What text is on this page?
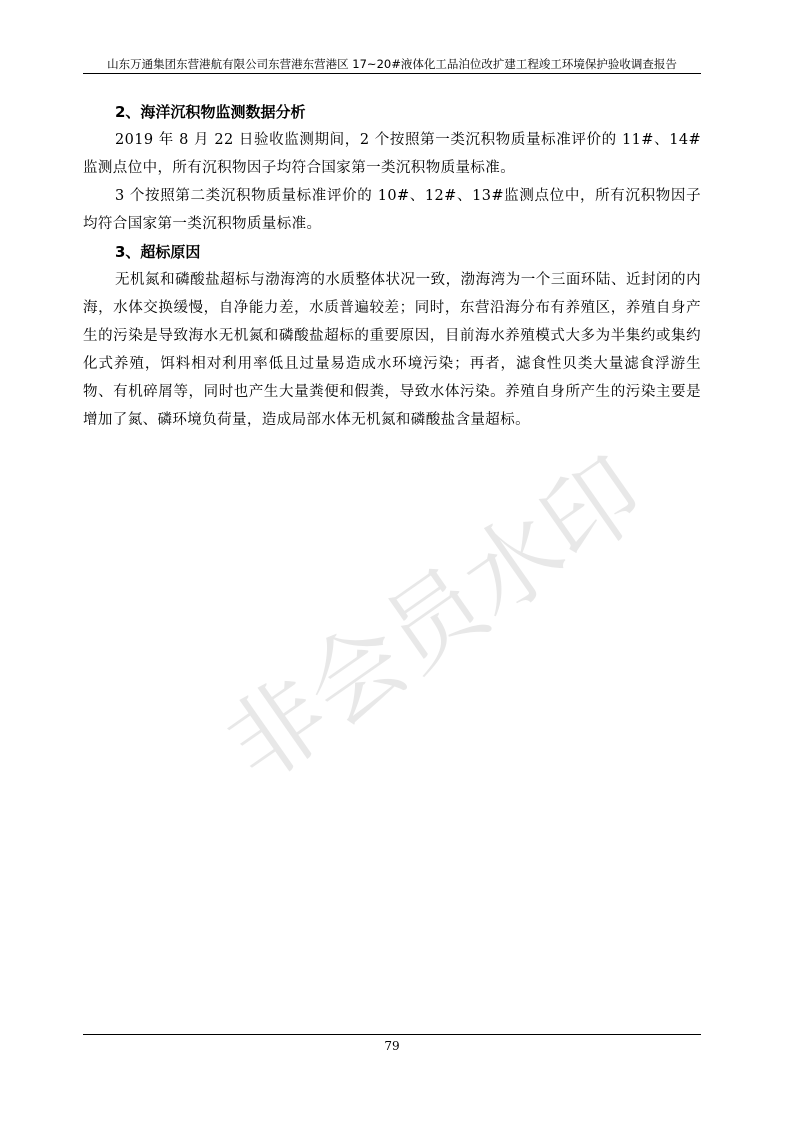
山东万通集团东营港航有限公司东营港东营港区 17~20#液体化工品泊位改扩建工程竣工环境保护验收调查报告

2、海洋沉积物监测数据分析

2019 年 8 月 22 日验收监测期间，2 个按照第一类沉积物质量标准评价的 11#、14#监测点位中，所有沉积物因子均符合国家第一类沉积物质量标准。

3 个按照第二类沉积物质量标准评价的 10#、12#、13#监测点位中，所有沉积物因子均符合国家第一类沉积物质量标准。

3、超标原因

无机氮和磷酸盐超标与渤海湾的水质整体状况一致，渤海湾为一个三面环陆、近封闭的内海，水体交换缓慢，自净能力差，水质普遍较差；同时，东营沿海分布有养殖区，养殖自身产生的污染是导致海水无机氮和磷酸盐超标的重要原因，目前海水养殖模式大多为半集约或集约化式养殖，饵料相对利用率低且过量易造成水环境污染；再者，滤食性贝类大量滤食浮游生物、有机碎屑等，同时也产生大量粪便和假粪，导致水体污染。养殖自身所产生的污染主要是增加了氮、磷环境负荷量，造成局部水体无机氮和磷酸盐含量超标。

非会员水印
79
